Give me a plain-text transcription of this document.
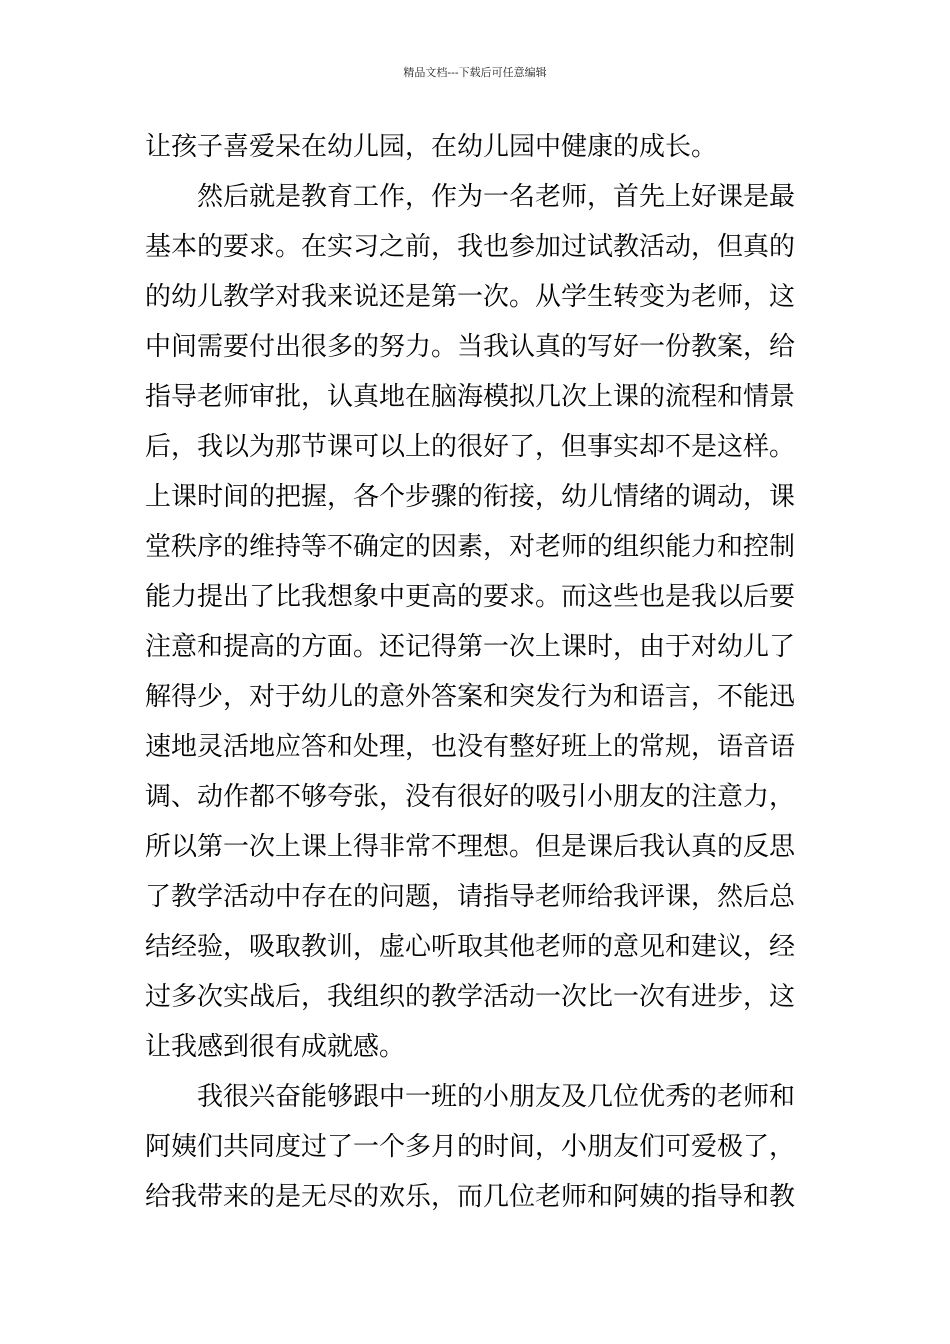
精品文档---下载后可任意编辑
让孩子喜爱呆在幼儿园，在幼儿园中健康的成长。
然后就是教育工作，作为一名老师，首先上好课是最
基本的要求。在实习之前，我也参加过试教活动，但真的
的幼儿教学对我来说还是第一次。从学生转变为老师，这
中间需要付出很多的努力。当我认真的写好一份教案，给
指导老师审批，认真地在脑海模拟几次上课的流程和情景
后，我以为那节课可以上的很好了，但事实却不是这样。
上课时间的把握，各个步骤的衔接，幼儿情绪的调动，课
堂秩序的维持等不确定的因素，对老师的组织能力和控制
能力提出了比我想象中更高的要求。而这些也是我以后要
注意和提高的方面。还记得第一次上课时，由于对幼儿了
解得少，对于幼儿的意外答案和突发行为和语言，不能迅
速地灵活地应答和处理，也没有整好班上的常规，语音语
调、动作都不够夸张，没有很好的吸引小朋友的注意力，
所以第一次上课上得非常不理想。但是课后我认真的反思
了教学活动中存在的问题，请指导老师给我评课，然后总
结经验，吸取教训，虚心听取其他老师的意见和建议，经
过多次实战后，我组织的教学活动一次比一次有进步，这
让我感到很有成就感。
我很兴奋能够跟中一班的小朋友及几位优秀的老师和
阿姨们共同度过了一个多月的时间，小朋友们可爱极了，
给我带来的是无尽的欢乐，而几位老师和阿姨的指导和教
